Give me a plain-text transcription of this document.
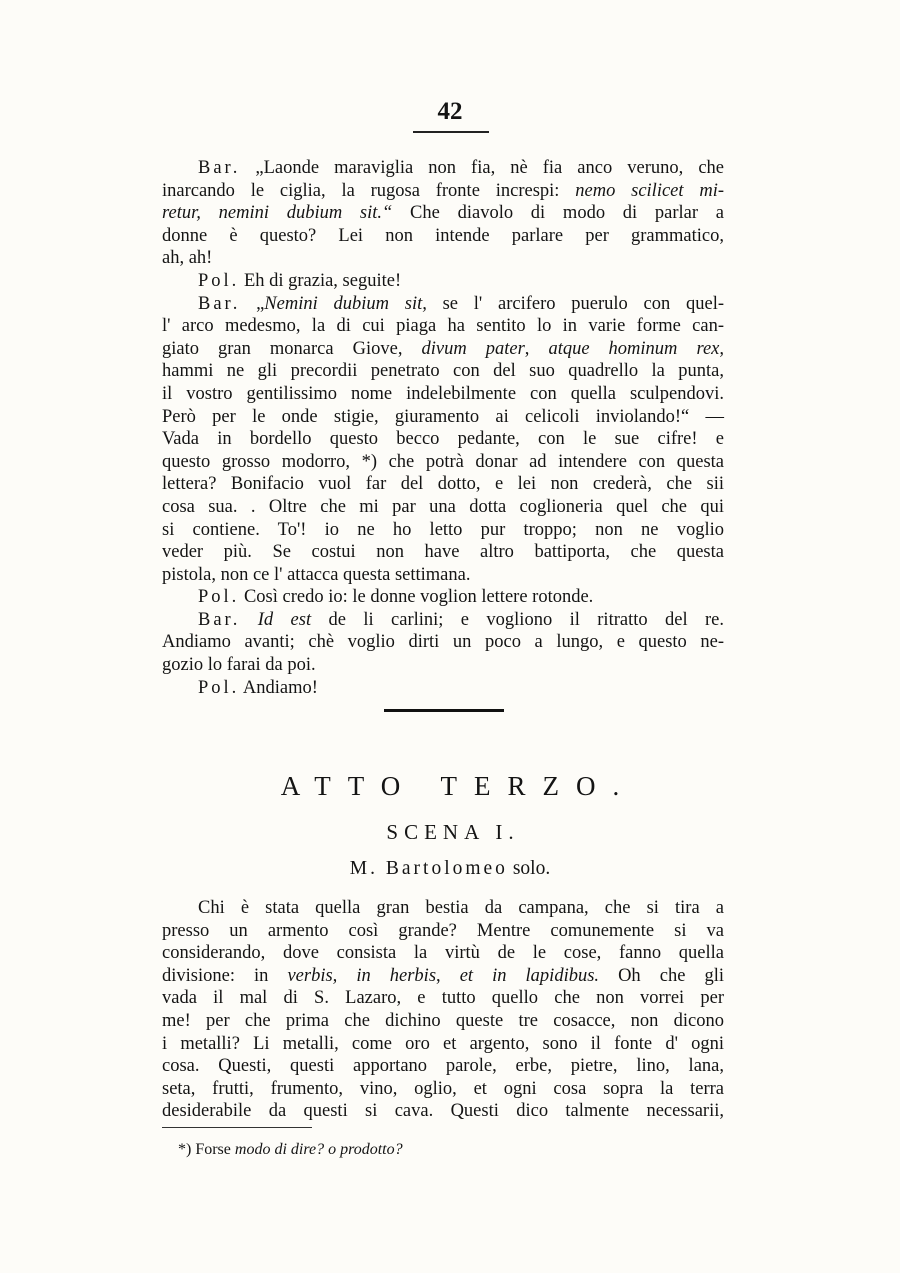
42
Bar. „Laonde maraviglia non fia, nè fia anco veruno, che
inarcando le ciglia, la rugosa fronte increspi: nemo scilicet mi-
retur, nemini dubium sit.“ Che diavolo di modo di parlar a
donne è questo? Lei non intende parlare per grammatico,
ah, ah!
Pol. Eh di grazia, seguite!
Bar. „Nemini dubium sit, se l' arcifero puerulo con quel-
l' arco medesmo, la di cui piaga ha sentito lo in varie forme can-
giato gran monarca Giove, divum pater, atque hominum rex,
hammi ne gli precordii penetrato con del suo quadrello la punta,
il vostro gentilissimo nome indelebilmente con quella sculpendovi.
Però per le onde stigie, giuramento ai celicoli inviolando!“ —
Vada in bordello questo becco pedante, con le sue cifre! e
questo grosso modorro, *) che potrà donar ad intendere con questa
lettera? Bonifacio vuol far del dotto, e lei non crederà, che sii
cosa sua. . Oltre che mi par una dotta coglioneria quel che qui
si contiene. To'! io ne ho letto pur troppo; non ne voglio
veder più. Se costui non have altro battiporta, che questa
pistola, non ce l' attacca questa settimana.
Pol. Così credo io: le donne voglion lettere rotonde.
Bar. Id est de li carlini; e vogliono il ritratto del re.
Andiamo avanti; chè voglio dirti un poco a lungo, e questo ne-
gozio lo farai da poi.
Pol. Andiamo!
ATTO TERZO.
SCENA I.
M. Bartolomeo solo.
Chi è stata quella gran bestia da campana, che si tira a
presso un armento così grande? Mentre comunemente si va
considerando, dove consista la virtù de le cose, fanno quella
divisione: in verbis, in herbis, et in lapidibus. Oh che gli
vada il mal di S. Lazaro, e tutto quello che non vorrei per
me! per che prima che dichino queste tre cosacce, non dicono
i metalli? Li metalli, come oro et argento, sono il fonte d' ogni
cosa. Questi, questi apportano parole, erbe, pietre, lino, lana,
seta, frutti, frumento, vino, oglio, et ogni cosa sopra la terra
desiderabile da questi si cava. Questi dico talmente necessarii,
*) Forse modo di dire? o prodotto?
